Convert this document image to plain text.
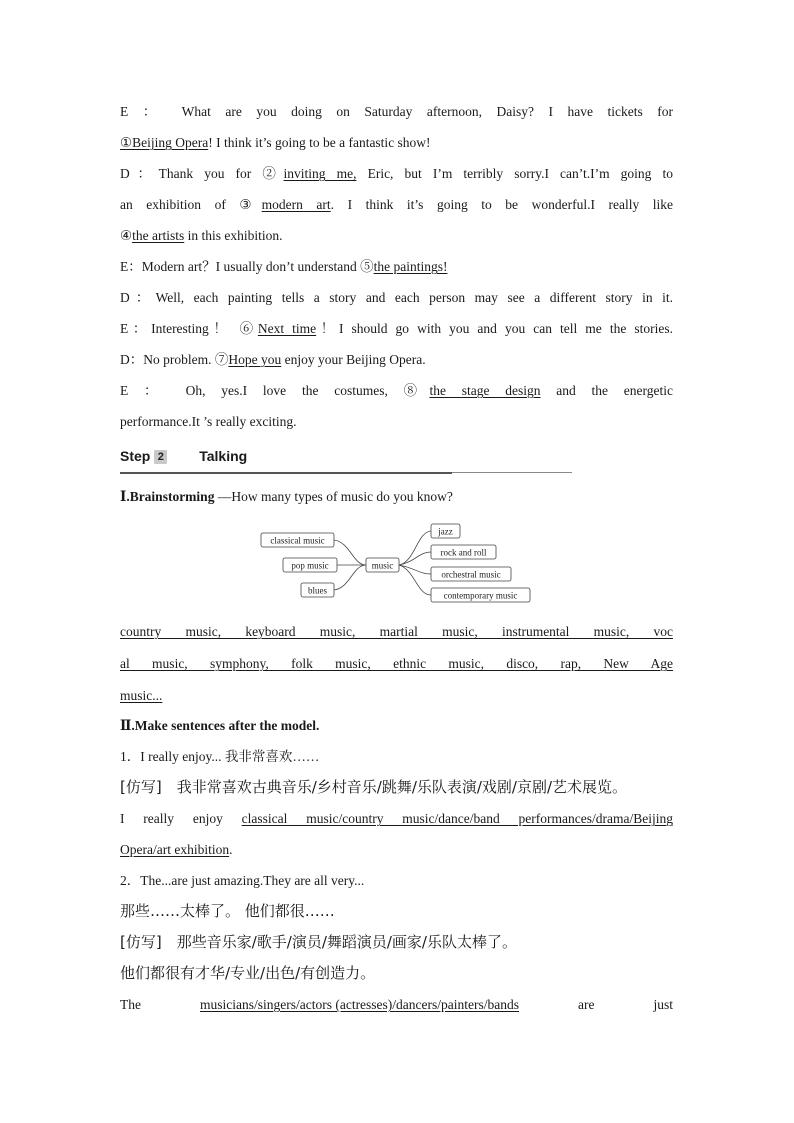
E ： What are you doing on Saturday afternoon, Daisy? I have tickets for
①Beijing Opera! I think it’s going to be a fantastic show!
D：Thank you for ②inviting me, Eric, but I’m terribly sorry.I can’t.I’m going to
an exhibition of ③modern art. I think it’s going to be wonderful.I really like
④the artists in this exhibition.
E：Modern art？I usually don’t understand ⑤the paintings!
D：Well, each painting tells a story and each person may see a different story in it.
E：Interesting！ ⑥Next time！I should go with you and you can tell me the stories.
D：No problem. ⑦Hope you enjoy your Beijing Opera.
E ： Oh, yes.I love the costumes, ⑧the stage design and the energetic
performance.It ’s really exciting.
Step 2	Talking
Ⅰ.Brainstorming —How many types of music do you know?
classical music
pop music
blues
music
jazz
rock and roll
orchestral music
contemporary music
country music, keyboard music, martial music, instrumental music, voc
al music, symphony, folk music, ethnic music, disco, rap, New Age
music...
Ⅱ.Make sentences after the model.
1．I really enjoy... 我非常喜欢……
[仿写]　我非常喜欢古典音乐/乡村音乐/跳舞/乐队表演/戏剧/京剧/艺术展览。
I really enjoy classical music/country music/dance/band performances/drama/Beijing
Opera/art exhibition.
2．The...are just amazing.They are all very...
那些……太棒了。 他们都很……
[仿写]　那些音乐家/歌手/演员/舞蹈演员/画家/乐队太棒了。
他们都很有才华/专业/出色/有创造力。
The	musicians/singers/actors (actresses)/dancers/painters/bands	are	just
